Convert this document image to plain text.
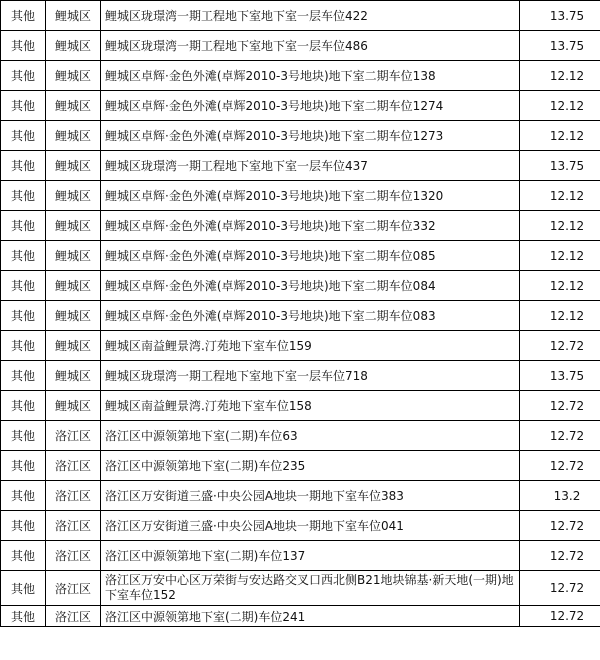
其他	鲤城区	鲤城区珑璟湾一期工程地下室地下室一层车位422	13.75
其他	鲤城区	鲤城区珑璟湾一期工程地下室地下室一层车位486	13.75
其他	鲤城区	鲤城区卓辉·金色外滩(卓辉2010-3号地块)地下室二期车位138	12.12
其他	鲤城区	鲤城区卓辉·金色外滩(卓辉2010-3号地块)地下室二期车位1274	12.12
其他	鲤城区	鲤城区卓辉·金色外滩(卓辉2010-3号地块)地下室二期车位1273	12.12
其他	鲤城区	鲤城区珑璟湾一期工程地下室地下室一层车位437	13.75
其他	鲤城区	鲤城区卓辉·金色外滩(卓辉2010-3号地块)地下室二期车位1320	12.12
其他	鲤城区	鲤城区卓辉·金色外滩(卓辉2010-3号地块)地下室二期车位332	12.12
其他	鲤城区	鲤城区卓辉·金色外滩(卓辉2010-3号地块)地下室二期车位085	12.12
其他	鲤城区	鲤城区卓辉·金色外滩(卓辉2010-3号地块)地下室二期车位084	12.12
其他	鲤城区	鲤城区卓辉·金色外滩(卓辉2010-3号地块)地下室二期车位083	12.12
其他	鲤城区	鲤城区南益鲤景湾.汀苑地下室车位159	12.72
其他	鲤城区	鲤城区珑璟湾一期工程地下室地下室一层车位718	13.75
其他	鲤城区	鲤城区南益鲤景湾.汀苑地下室车位158	12.72
其他	洛江区	洛江区中源领第地下室(二期)车位63	12.72
其他	洛江区	洛江区中源领第地下室(二期)车位235	12.72
其他	洛江区	洛江区万安街道三盛·中央公园A地块一期地下室车位383	13.2
其他	洛江区	洛江区万安街道三盛·中央公园A地块一期地下室车位041	12.72
其他	洛江区	洛江区中源领第地下室(二期)车位137	12.72
其他	洛江区	洛江区万安中心区万荣街与安达路交叉口西北侧B21地块锦基·新天地(一期)地下室车位152	12.72
其他	洛江区	洛江区中源领第地下室(二期)车位241	12.72
